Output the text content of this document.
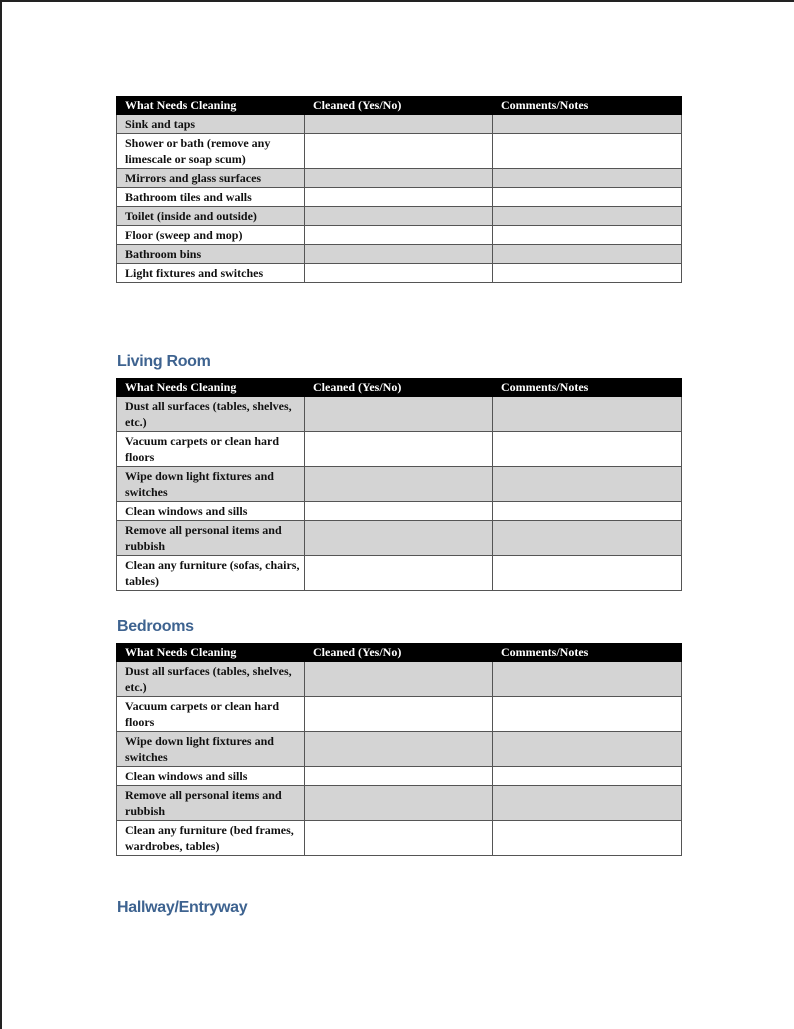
What Needs Cleaning	Cleaned (Yes/No)	Comments/Notes
Sink and taps		
Shower or bath (remove any limescale or soap scum)		
Mirrors and glass surfaces		
Bathroom tiles and walls		
Toilet (inside and outside)		
Floor (sweep and mop)		
Bathroom bins		
Light fixtures and switches		
Living Room
What Needs Cleaning	Cleaned (Yes/No)	Comments/Notes
Dust all surfaces (tables, shelves, etc.)		
Vacuum carpets or clean hard floors		
Wipe down light fixtures and switches		
Clean windows and sills		
Remove all personal items and rubbish		
Clean any furniture (sofas, chairs, tables)		
Bedrooms
What Needs Cleaning	Cleaned (Yes/No)	Comments/Notes
Dust all surfaces (tables, shelves, etc.)		
Vacuum carpets or clean hard floors		
Wipe down light fixtures and switches		
Clean windows and sills		
Remove all personal items and rubbish		
Clean any furniture (bed frames, wardrobes, tables)		
Hallway/Entryway
